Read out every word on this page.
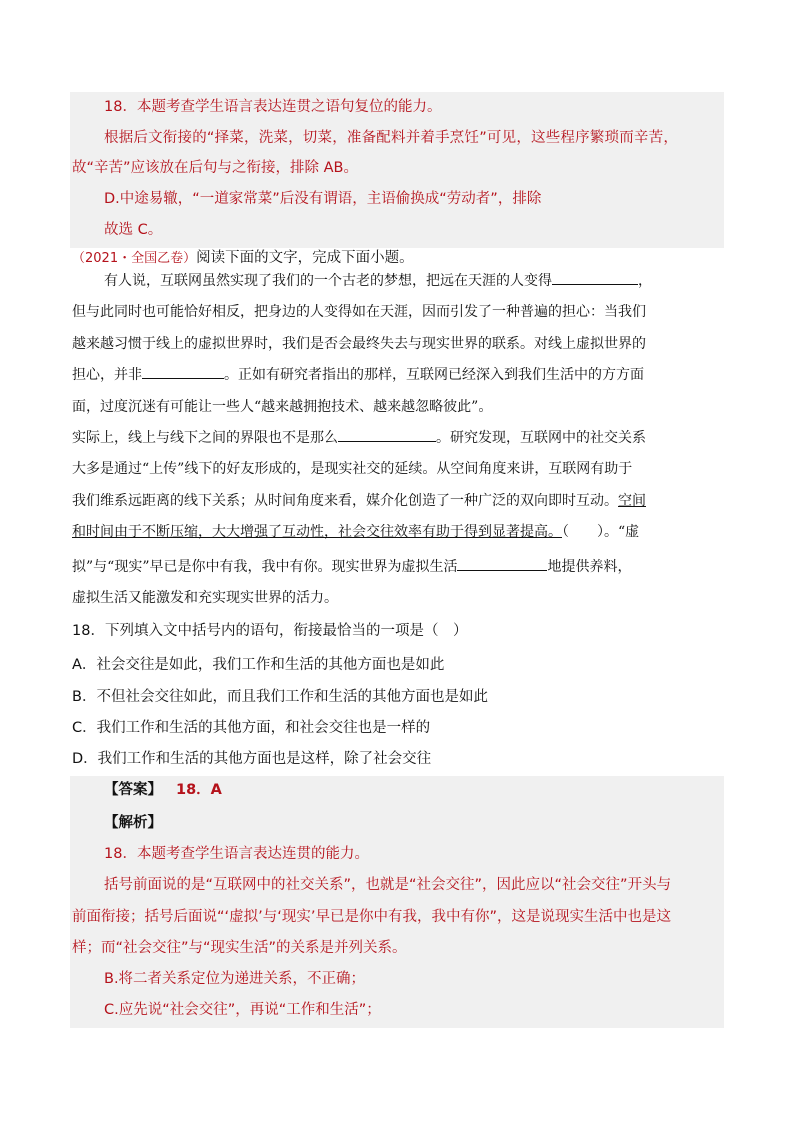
18．本题考查学生语言表达连贯之语句复位的能力。
根据后文衔接的“择菜，洗菜，切菜，准备配料并着手烹饪”可见，这些程序繁琐而辛苦，
故“辛苦”应该放在后句与之衔接，排除 AB。
D.中途易辙，“一道家常菜”后没有谓语，主语偷换成“劳动者”，排除
故选 C。
（2021・全国乙卷）阅读下面的文字，完成下面小题。
有人说，互联网虽然实现了我们的一个古老的梦想，把远在天涯的人变得	，
但与此同时也可能恰好相反，把身边的人变得如在天涯，因而引发了一种普遍的担心：当我们
越来越习惯于线上的虚拟世界时，我们是否会最终失去与现实世界的联系。对线上虚拟世界的
担心，并非	。正如有研究者指出的那样，互联网已经深入到我们生活中的方方面
面，过度沉迷有可能让一些人“越来越拥抱技术、越来越忽略彼此”。
实际上，线上与线下之间的界限也不是那么	。研究发现，互联网中的社交关系
大多是通过“上传”线下的好友形成的，是现实社交的延续。从空间角度来讲，互联网有助于
我们维系远距离的线下关系；从时间角度来看，媒介化创造了一种广泛的双向即时互动。空间
和时间由于不断压缩，大大增强了互动性，社会交往效率有助于得到显著提高。（　　）。“虚
拟”与“现实”早已是你中有我，我中有你。现实世界为虚拟生活	地提供养料，
虚拟生活又能激发和充实现实世界的活力。
18．下列填入文中括号内的语句，衔接最恰当的一项是（　）
A．社会交往是如此，我们工作和生活的其他方面也是如此
B．不但社会交往如此，而且我们工作和生活的其他方面也是如此
C．我们工作和生活的其他方面，和社会交往也是一样的
D．我们工作和生活的其他方面也是这样，除了社会交往
【答案】 18．A
【解析】
18．本题考查学生语言表达连贯的能力。
括号前面说的是“互联网中的社交关系”，也就是“社会交往”，因此应以“社会交往”开头与
前面衔接；括号后面说“‘虚拟’与‘现实’早已是你中有我，我中有你”，这是说现实生活中也是这
样；而“社会交往”与“现实生活”的关系是并列关系。
B.将二者关系定位为递进关系，不正确；
C.应先说“社会交往”，再说“工作和生活”；
